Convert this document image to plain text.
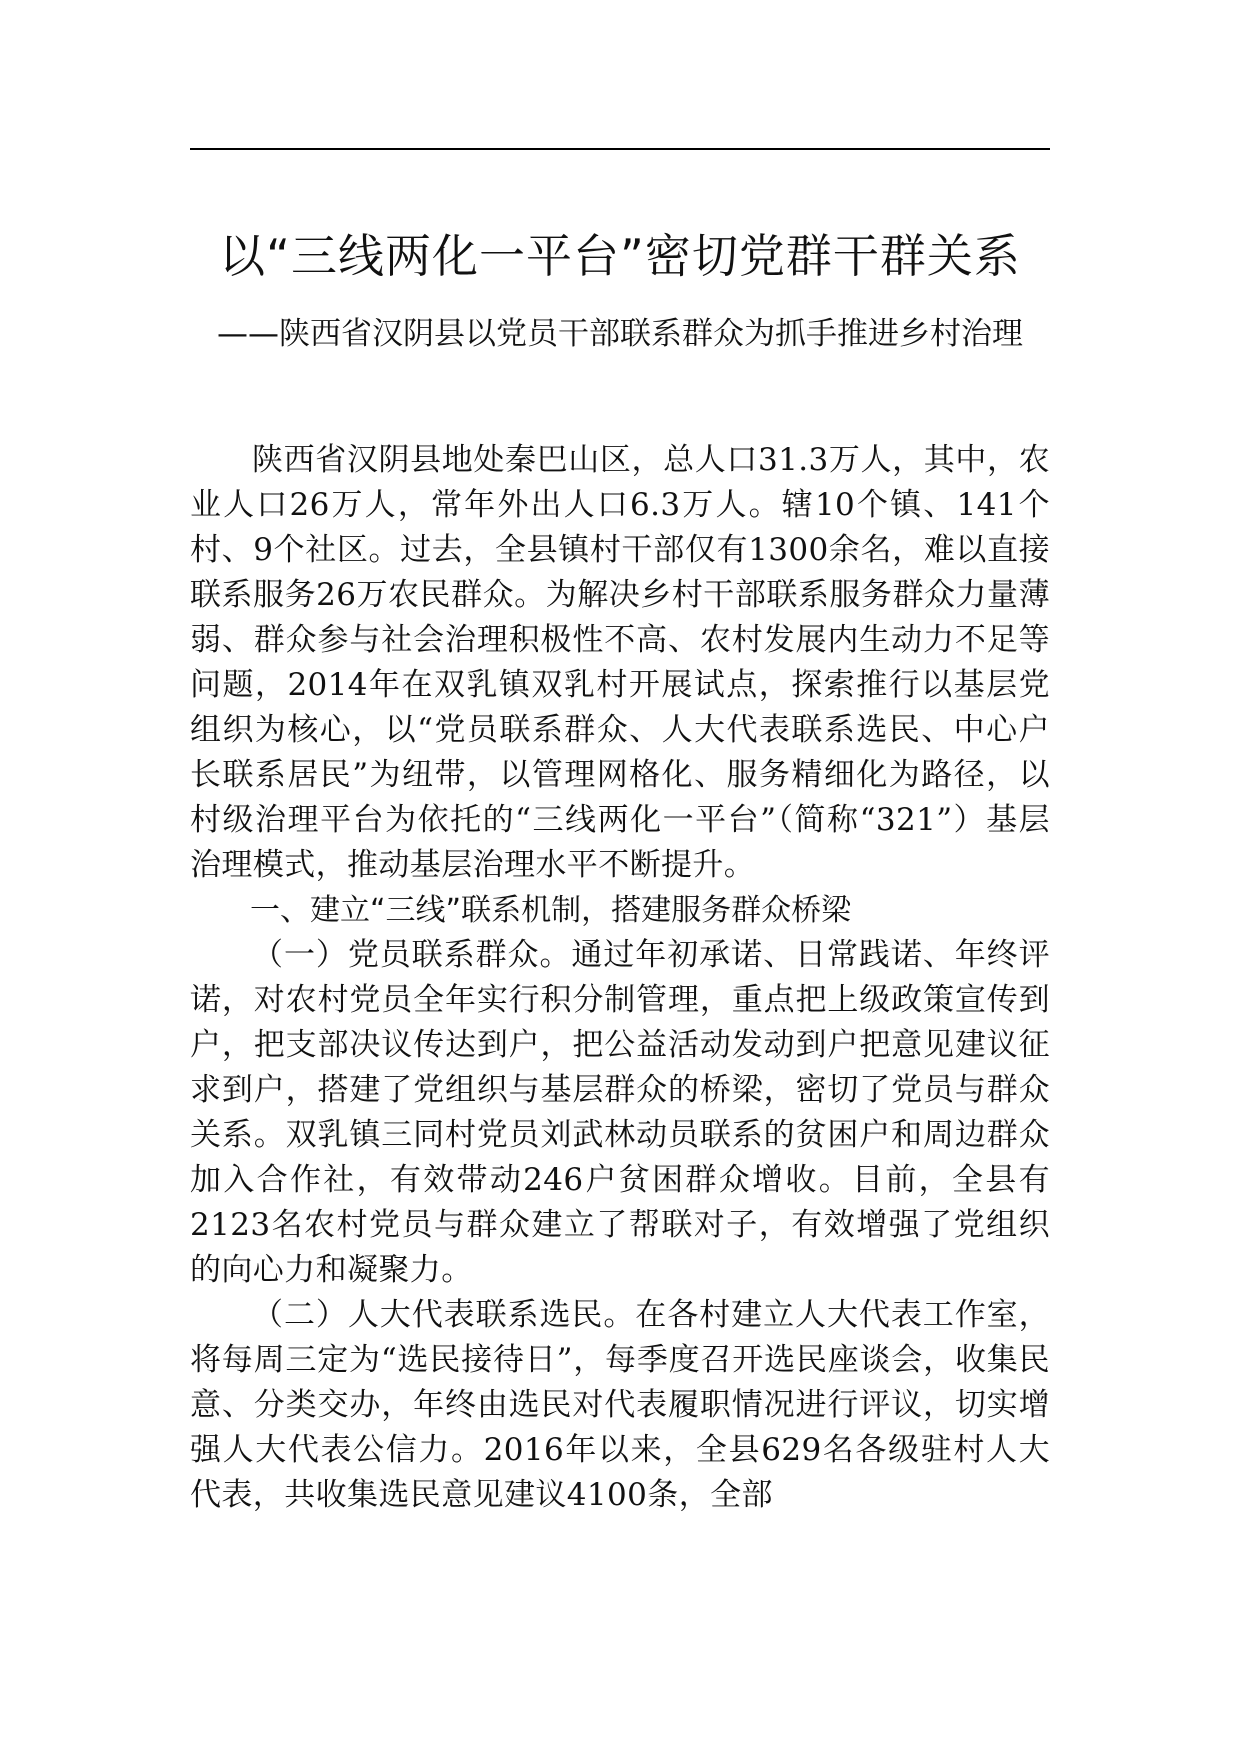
以“三线两化一平台”密切党群干群关系
——陕西省汉阴县以党员干部联系群众为抓手推进乡村治理

陕西省汉阴县地处秦巴山区，总人口31.3万人，其中，农业人口26万人，常年外出人口6.3万人。辖10个镇、141个村、9个社区。过去，全县镇村干部仅有1300余名，难以直接联系服务26万农民群众。为解决乡村干部联系服务群众力量薄弱、群众参与社会治理积极性不高、农村发展内生动力不足等问题，2014年在双乳镇双乳村开展试点，探索推行以基层党组织为核心，以“党员联系群众、人大代表联系选民、中心户长联系居民”为纽带，以管理网格化、服务精细化为路径，以村级治理平台为依托的“三线两化一平台”（简称“321”）基层治理模式，推动基层治理水平不断提升。

一、建立“三线”联系机制，搭建服务群众桥梁

（一）党员联系群众。通过年初承诺、日常践诺、年终评诺，对农村党员全年实行积分制管理，重点把上级政策宣传到户，把支部决议传达到户，把公益活动发动到户把意见建议征求到户，搭建了党组织与基层群众的桥梁，密切了党员与群众关系。双乳镇三同村党员刘武林动员联系的贫困户和周边群众加入合作社，有效带动246户贫困群众增收。目前，全县有2123名农村党员与群众建立了帮联对子，有效增强了党组织的向心力和凝聚力。

（二）人大代表联系选民。在各村建立人大代表工作室，将每周三定为“选民接待日”，每季度召开选民座谈会，收集民意、分类交办，年终由选民对代表履职情况进行评议，切实增强人大代表公信力。2016年以来，全县629名各级驻村人大代表，共收集选民意见建议4100条，全部
